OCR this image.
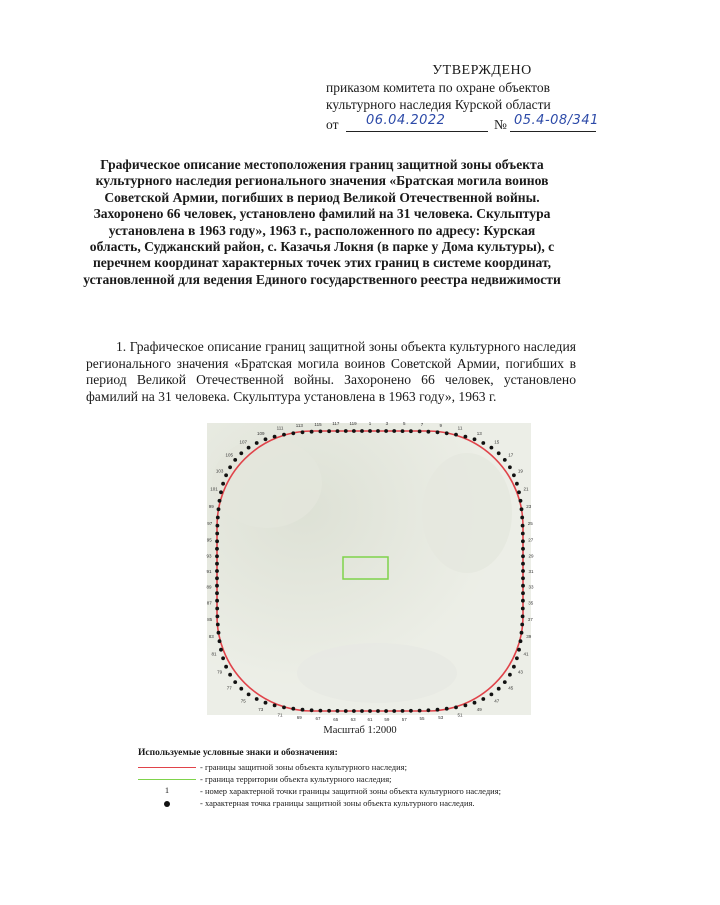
УТВЕРЖДЕНО
приказом комитета по охране объектов
культурного наследия Курской области
от 06.04.2022	№ 05.4-08/341
Графическое описание местоположения границ защитной зоны объекта культурного наследия регионального значения «Братская могила воинов Советской Армии, погибших в период Великой Отечественной войны. Захоронено 66 человек, установлено фамилий на 31 человека. Скульптура установлена в 1963 году», 1963 г., расположенного по адресу: Курская область, Суджанский район, с. Казачья Локня (в парке у Дома культуры), с перечнем координат характерных точек этих границ в системе координат, установленной для ведения Единого государственного реестра недвижимости
1. Графическое описание границ защитной зоны объекта культурного наследия регионального значения «Братская могила воинов Советской Армии, погибших в период Великой Отечественной войны. Захоронено 66 человек, установлено фамилий на 31 человека. Скульптура установлена в 1963 году», 1963 г.
1	3	5	7	9
11
13
15
17
19
21
23
25
27
29
31
33
35
37
39
41
43
45
47
49
51
53
55
57
59
61
63
65
67
69
71
73
75
77
79
81
83
85
87
89
91
93
95
97
99
101
103
105
107
109
111
113	115 117 119
Масштаб 1:2000
Используемые условные знаки и обозначения:
- границы защитной зоны объекта культурного наследия;
- граница территории объекта культурного наследия;
1	- номер характерной точки границы защитной зоны объекта культурного наследия;
- характерная точка границы защитной зоны объекта культурного наследия.
